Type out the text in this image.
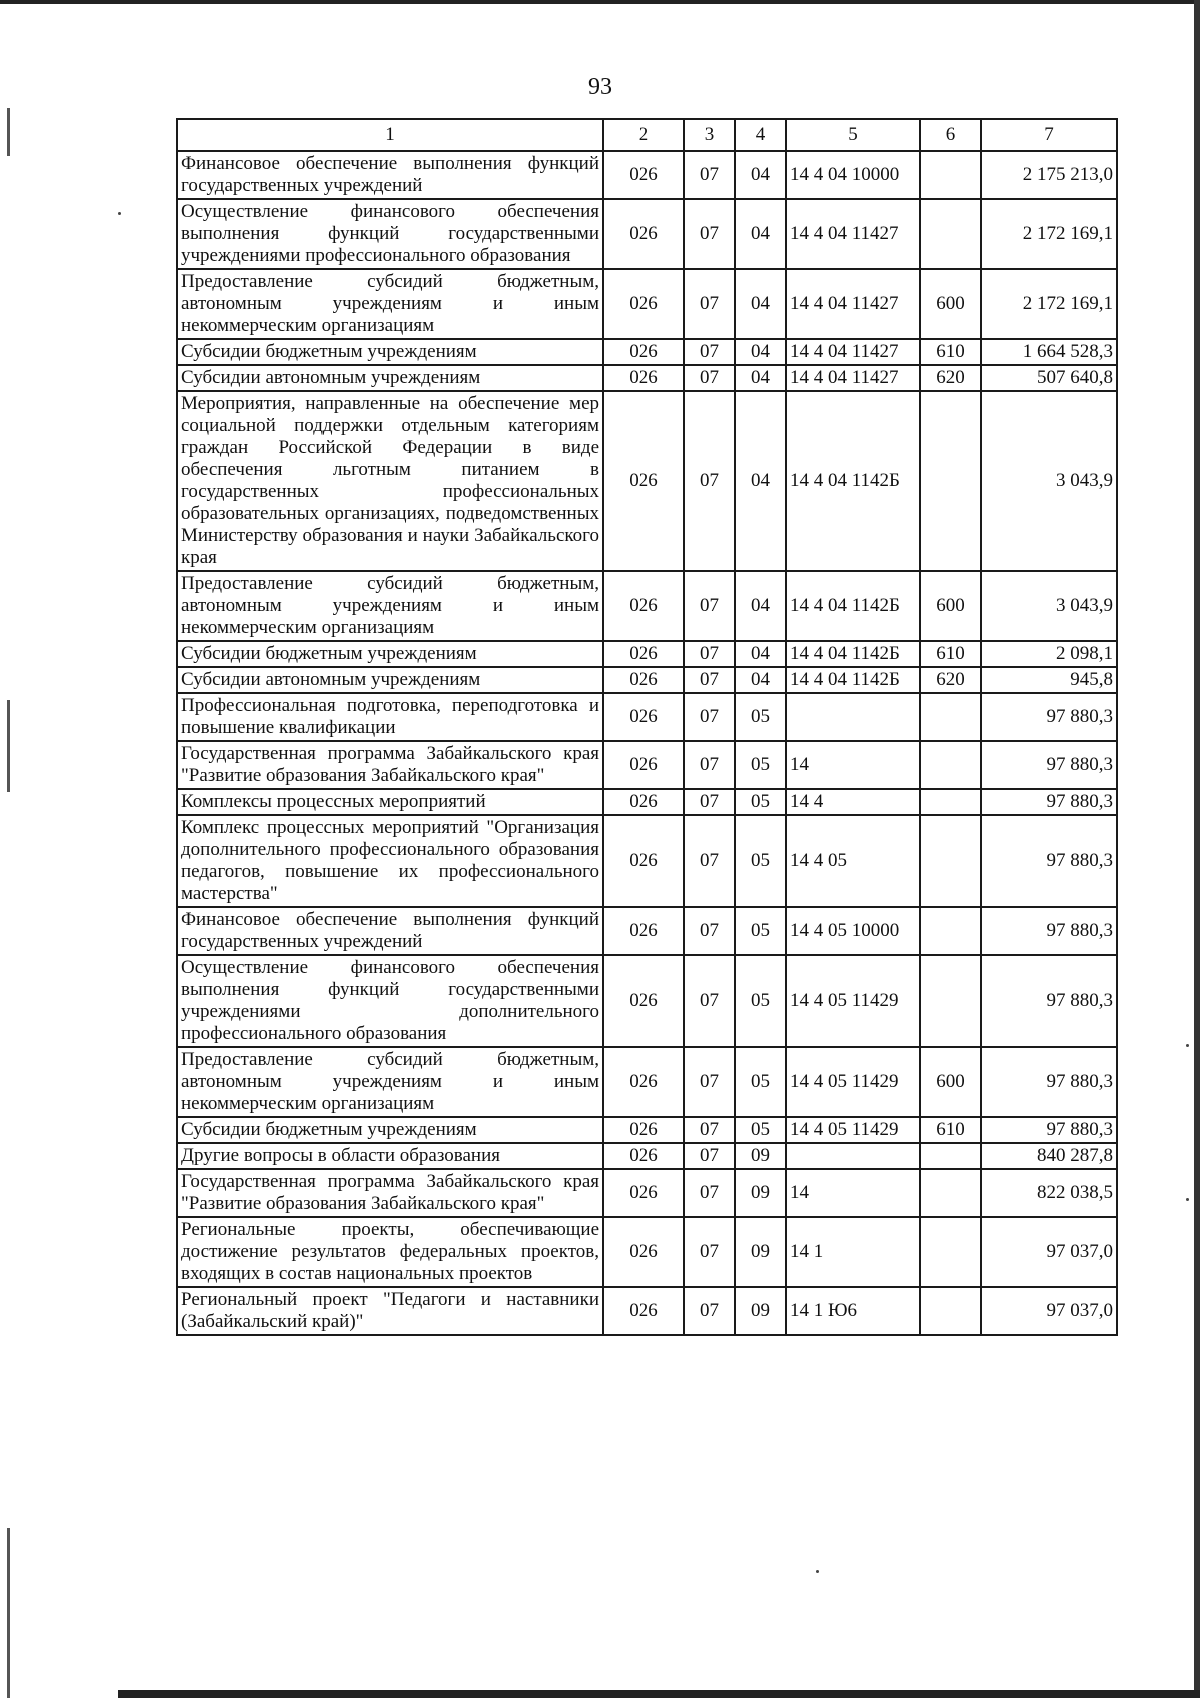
93
1	2	3	4	5	6	7
Финансовое обеспечение выполнения функций государственных учреждений	026	07	04	14 4 04 10000		2 175 213,0
Осуществление финансового обеспечения выполнения функций государственными учреждениями профессионального образования	026	07	04	14 4 04 11427		2 172 169,1
Предоставление субсидий бюджетным, автономным учреждениям и иным некоммерческим организациям	026	07	04	14 4 04 11427	600	2 172 169,1
Субсидии бюджетным учреждениям	026	07	04	14 4 04 11427	610	1 664 528,3
Субсидии автономным учреждениям	026	07	04	14 4 04 11427	620	507 640,8
Мероприятия, направленные на обеспечение мер социальной поддержки отдельным категориям граждан Российской Федерации в виде обеспечения льготным питанием в государственных профессиональных образовательных организациях, подведомственных Министерству образования и науки Забайкальского края	026	07	04	14 4 04 1142Б		3 043,9
Предоставление субсидий бюджетным, автономным учреждениям и иным некоммерческим организациям	026	07	04	14 4 04 1142Б	600	3 043,9
Субсидии бюджетным учреждениям	026	07	04	14 4 04 1142Б	610	2 098,1
Субсидии автономным учреждениям	026	07	04	14 4 04 1142Б	620	945,8
Профессиональная подготовка, переподготовка и повышение квалификации	026	07	05			97 880,3
Государственная программа Забайкальского края "Развитие образования Забайкальского края"	026	07	05	14		97 880,3
Комплексы процессных мероприятий	026	07	05	14 4		97 880,3
Комплекс процессных мероприятий "Организация дополнительного профессионального образования педагогов, повышение их профессионального мастерства"	026	07	05	14 4 05		97 880,3
Финансовое обеспечение выполнения функций государственных учреждений	026	07	05	14 4 05 10000		97 880,3
Осуществление финансового обеспечения выполнения функций государственными учреждениями дополнительного профессионального образования	026	07	05	14 4 05 11429		97 880,3
Предоставление субсидий бюджетным, автономным учреждениям и иным некоммерческим организациям	026	07	05	14 4 05 11429	600	97 880,3
Субсидии бюджетным учреждениям	026	07	05	14 4 05 11429	610	97 880,3
Другие вопросы в области образования	026	07	09			840 287,8
Государственная программа Забайкальского края "Развитие образования Забайкальского края"	026	07	09	14		822 038,5
Региональные проекты, обеспечивающие достижение результатов федеральных проектов, входящих в состав национальных проектов	026	07	09	14 1		97 037,0
Региональный проект "Педагоги и наставники (Забайкальский край)"	026	07	09	14 1 Ю6		97 037,0
